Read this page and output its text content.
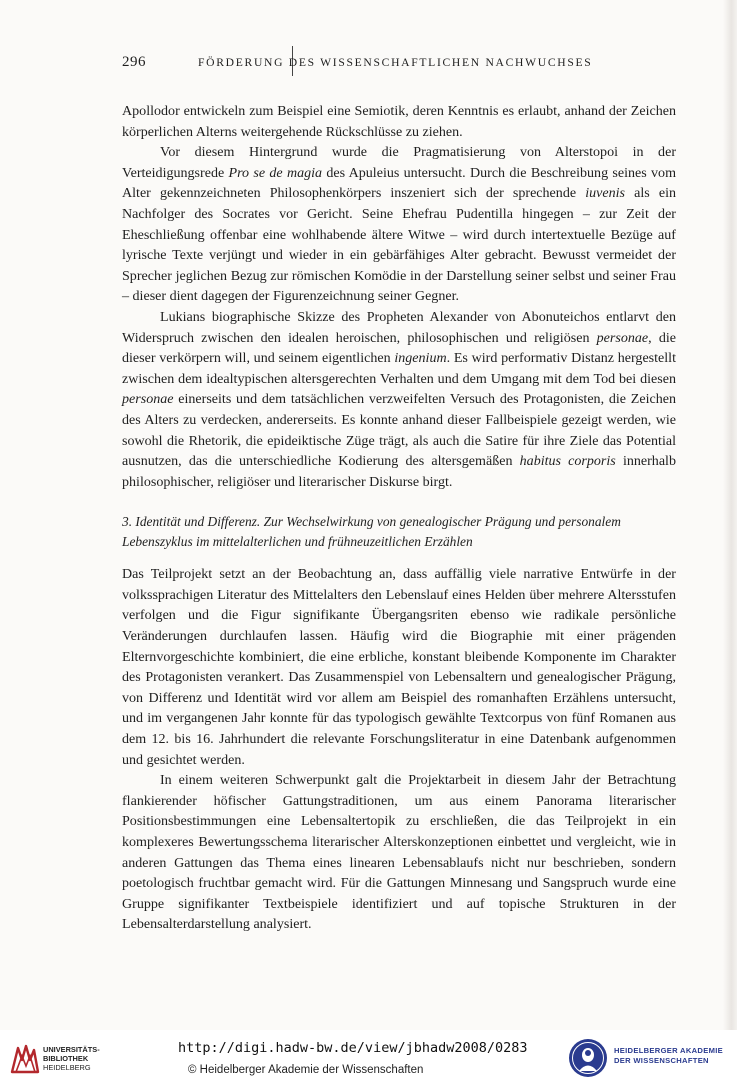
296	FÖRDERUNG DES WISSENSCHAFTLICHEN NACHWUCHSES

Apollodor entwickeln zum Beispiel eine Semiotik, deren Kenntnis es erlaubt, anhand der Zeichen körperlichen Alterns weitergehende Rückschlüsse zu ziehen.

Vor diesem Hintergrund wurde die Pragmatisierung von Alterstopoi in der Verteidigungsrede Pro se de magia des Apuleius untersucht. Durch die Beschreibung seines vom Alter gekennzeichneten Philosophenkörpers inszeniert sich der sprechende iuvenis als ein Nachfolger des Socrates vor Gericht. Seine Ehefrau Pudentilla hingegen – zur Zeit der Eheschließung offenbar eine wohlhabende ältere Witwe – wird durch intertextuelle Bezüge auf lyrische Texte verjüngt und wieder in ein gebärfähiges Alter gebracht. Bewusst vermeidet der Sprecher jeglichen Bezug zur römischen Komödie in der Darstellung seiner selbst und seiner Frau – dieser dient dagegen der Figurenzeichnung seiner Gegner.

Lukians biographische Skizze des Propheten Alexander von Abonuteichos entlarvt den Widerspruch zwischen den idealen heroischen, philosophischen und religiösen personae, die dieser verkörpern will, und seinem eigentlichen ingenium. Es wird performativ Distanz hergestellt zwischen dem idealtypischen altersgerechten Verhalten und dem Umgang mit dem Tod bei diesen personae einerseits und dem tatsächlichen verzweifelten Versuch des Protagonisten, die Zeichen des Alters zu verdecken, andererseits. Es konnte anhand dieser Fallbeispiele gezeigt werden, wie sowohl die Rhetorik, die epideiktische Züge trägt, als auch die Satire für ihre Ziele das Potential ausnutzen, das die unterschiedliche Kodierung des altersgemäßen habitus corporis innerhalb philosophischer, religiöser und literarischer Diskurse birgt.

3. Identität und Differenz. Zur Wechselwirkung von genealogischer Prägung und personalem Lebenszyklus im mittelalterlichen und frühneuzeitlichen Erzählen

Das Teilprojekt setzt an der Beobachtung an, dass auffällig viele narrative Entwürfe in der volkssprachigen Literatur des Mittelalters den Lebenslauf eines Helden über mehrere Altersstufen verfolgen und die Figur signifikante Übergangsriten ebenso wie radikale persönliche Veränderungen durchlaufen lassen. Häufig wird die Biographie mit einer prägenden Elternvorgeschichte kombiniert, die eine erbliche, konstant bleibende Komponente im Charakter des Protagonisten verankert. Das Zusammenspiel von Lebensaltern und genealogischer Prägung, von Differenz und Identität wird vor allem am Beispiel des romanhaften Erzählens untersucht, und im vergangenen Jahr konnte für das typologisch gewählte Textcorpus von fünf Romanen aus dem 12. bis 16. Jahrhundert die relevante Forschungsliteratur in eine Datenbank aufgenommen und gesichtet werden.

In einem weiteren Schwerpunkt galt die Projektarbeit in diesem Jahr der Betrachtung flankierender höfischer Gattungstraditionen, um aus einem Panorama literarischer Positionsbestimmungen eine Lebensaltertopik zu erschließen, die das Teilprojekt in ein komplexeres Bewertungsschema literarischer Alterskonzeptionen einbettet und vergleicht, wie in anderen Gattungen das Thema eines linearen Lebensablaufs nicht nur beschrieben, sondern poetologisch fruchtbar gemacht wird. Für die Gattungen Minnesang und Sangspruch wurde eine Gruppe signifikanter Textbeispiele identifiziert und auf topische Strukturen in der Lebensalterdarstellung analysiert.

UNIVERSITÄTS-
BIBLIOTHEK
HEIDELBERG
http://digi.hadw-bw.de/view/jbhadw2008/0283
© Heidelberger Akademie der Wissenschaften
HEIDELBERGER AKADEMIE
DER WISSENSCHAFTEN
